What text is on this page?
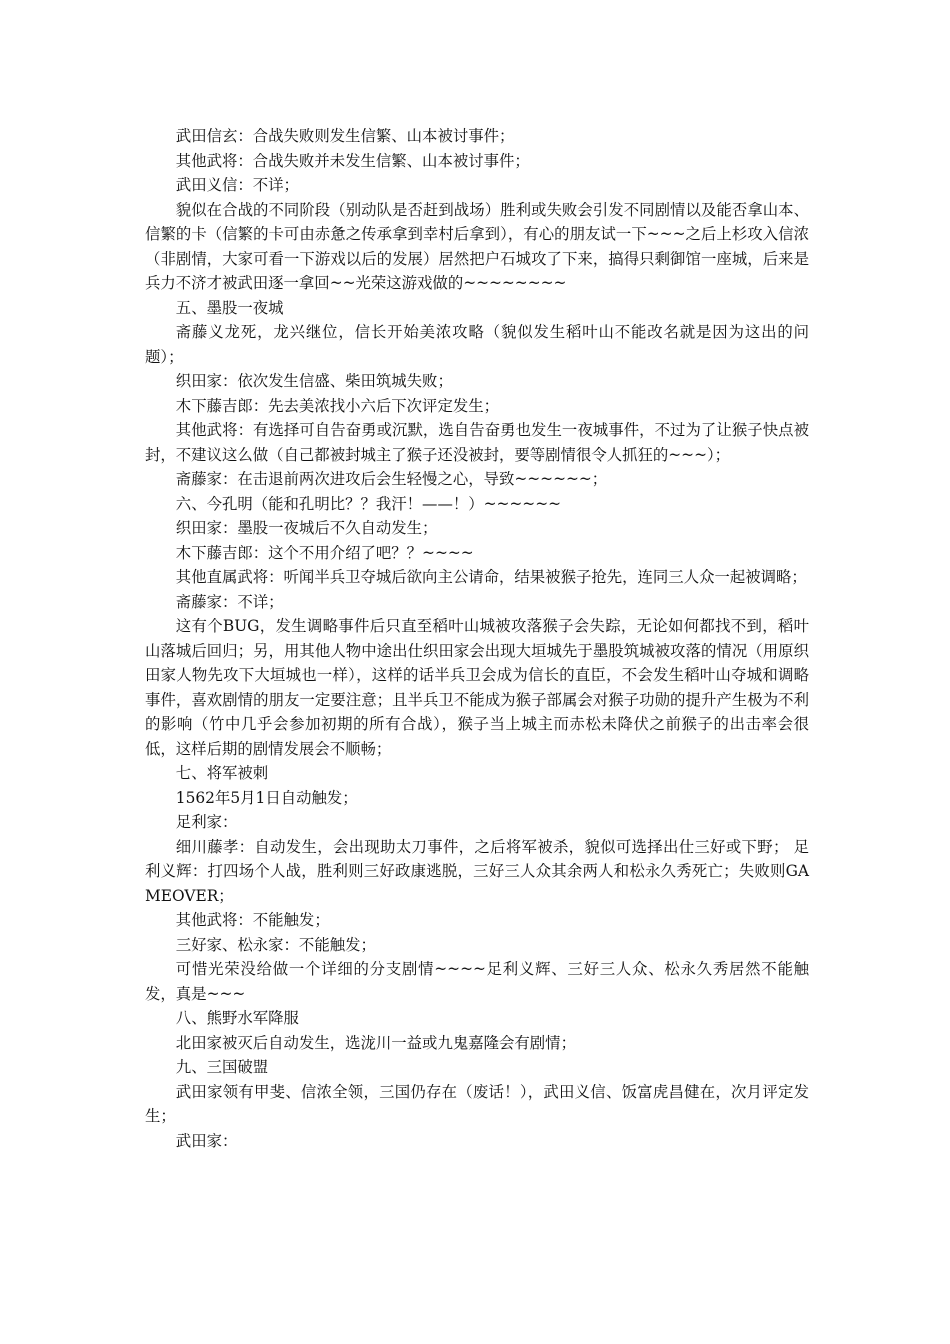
武田信玄：合战失败则发生信繁、山本被讨事件；

其他武将：合战失败并未发生信繁、山本被讨事件；

武田义信：不详；

貌似在合战的不同阶段（别动队是否赶到战场）胜利或失败会引发不同剧情以及能否拿山本、信繁的卡（信繁的卡可由赤惫之传承拿到幸村后拿到），有心的朋友试一下~~~之后上杉攻入信浓（非剧情，大家可看一下游戏以后的发展）居然把户石城攻了下来，搞得只剩御馆一座城，后来是兵力不济才被武田逐一拿回~~光荣这游戏做的~~~~~~~~

五、墨股一夜城

斋藤义龙死，龙兴继位，信长开始美浓攻略（貌似发生稻叶山不能改名就是因为这出的问题）；

织田家：依次发生信盛、柴田筑城失败；

木下藤吉郎：先去美浓找小六后下次评定发生；

其他武将：有选择可自告奋勇或沉默，选自告奋勇也发生一夜城事件，不过为了让猴子快点被封，不建议这么做（自己都被封城主了猴子还没被封，要等剧情很令人抓狂的~~~）；

斋藤家：在击退前两次进攻后会生轻慢之心，导致~~~~~~；

六、今孔明（能和孔明比？？我汗！——！）~~~~~~

织田家：墨股一夜城后不久自动发生；

木下藤吉郎：这个不用介绍了吧？？~~~~

其他直属武将：听闻半兵卫夺城后欲向主公请命，结果被猴子抢先，连同三人众一起被调略；

斋藤家：不详；

这有个BUG，发生调略事件后只直至稻叶山城被攻落猴子会失踪，无论如何都找不到，稻叶山落城后回归；另，用其他人物中途出仕织田家会出现大垣城先于墨股筑城被攻落的情况（用原织田家人物先攻下大垣城也一样），这样的话半兵卫会成为信长的直臣，不会发生稻叶山夺城和调略事件，喜欢剧情的朋友一定要注意；且半兵卫不能成为猴子部属会对猴子功勋的提升产生极为不利的影响（竹中几乎会参加初期的所有合战），猴子当上城主而赤松未降伏之前猴子的出击率会很低，这样后期的剧情发展会不顺畅；

七、将军被刺

1562年5月1日自动触发；

足利家：

细川藤孝：自动发生，会出现助太刀事件，之后将军被杀，貌似可选择出仕三好或下野； 足利义辉：打四场个人战，胜利则三好政康逃脱，三好三人众其余两人和松永久秀死亡；失败则GAMEOVER；

其他武将：不能触发；

三好家、松永家：不能触发；

可惜光荣没给做一个详细的分支剧情~~~~足利义辉、三好三人众、松永久秀居然不能触发，真是~~~

八、熊野水军降服

北田家被灭后自动发生，选泷川一益或九鬼嘉隆会有剧情；

九、三国破盟

武田家领有甲斐、信浓全领，三国仍存在（废话！），武田义信、饭富虎昌健在，次月评定发生；

武田家：
